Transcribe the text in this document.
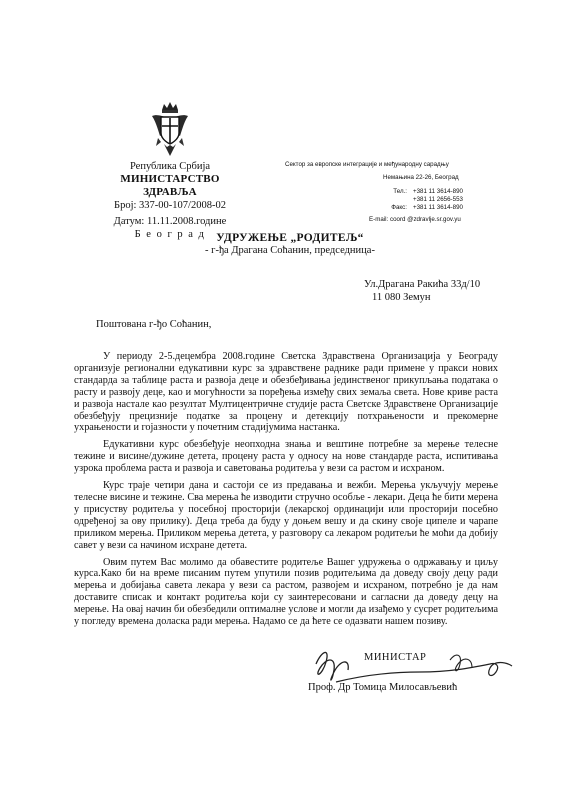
Република Србија
МИНИСТАРСТВО ЗДРАВЉА
Број: 337-00-107/2008-02
Датум: 11.11.2008.године
Б е о г р а д
Сектор за европске интеграције и међународну сарадњу
Немањина 22-26, Београд
Тел.: +381 11 3614-890
+381 11 2656-553
Факс: +381 11 3614-890
E-mail: coord @zdravlje.sr.gov.yu
УДРУЖЕЊЕ „РОДИТЕЉ“
- г-ђа Драгана Соћанин, председница-
Ул.Драгана Ракића 33д/10
11 080 Земун
Поштована г-ђо Соћанин,

У периоду 2-5.децембра 2008.године Светска Здравствена Организација у Београду организује регионални едукативни курс за здравствене раднике ради примене у пракси нових стандарда за таблице раста и развоја деце и обезбеђивања јединственог прикупљања података о расту и развоју деце, као и могућности за поређења између свих земаља света. Нове криве раста и развоја настале као резултат Мултицентричне студије раста Светске Здравствене Организације обезбеђују прецизније податке за процену и детекцију потхрањености и прекомерне ухрањености и гојазности у почетним стадијумима настанка.

Едукативни курс обезбеђује неопходна знања и вештине потребне за мерење телесне тежине и висине/дужине детета, процену раста у односу на нове стандарде раста, испитивања узрока проблема раста и развоја и саветовања родитеља у вези са растом и исхраном.

Курс траје четири дана и састоји се из предавања и вежби. Мерења укључују мерење телесне висине и тежине. Сва мерења ће изводити стручно особље - лекари. Деца ће бити мерена у присуству родитеља у посебној просторији (лекарској ординацији или просторији посебно одређеној за ову прилику). Деца треба да буду у доњем вешу и да скину своје ципеле и чарапе приликом мерења. Приликом мерења детета, у разговору са лекаром родитељи ће моћи да добију савет у вези са начином исхране детета.

Овим путем Вас молимо да обавестите родитеље Вашег удружења о одржавању и циљу курса.Како би на време писаним путем упутили позив родитељима да доведу своју децу ради мерења и добијања савета лекара у вези са растом, развојем и исхраном, потребно је да нам доставите списак и контакт родитеља који су заинтересовани и сагласни да доведу децу на мерење. На овај начин би обезбедили оптималне услове и могли да изађемо у сусрет родитељима у погледу времена доласка ради мерења. Надамо се да ћете се одазвати нашем позиву.

МИНИСТАР
Проф. Др Томица Милосављевић
